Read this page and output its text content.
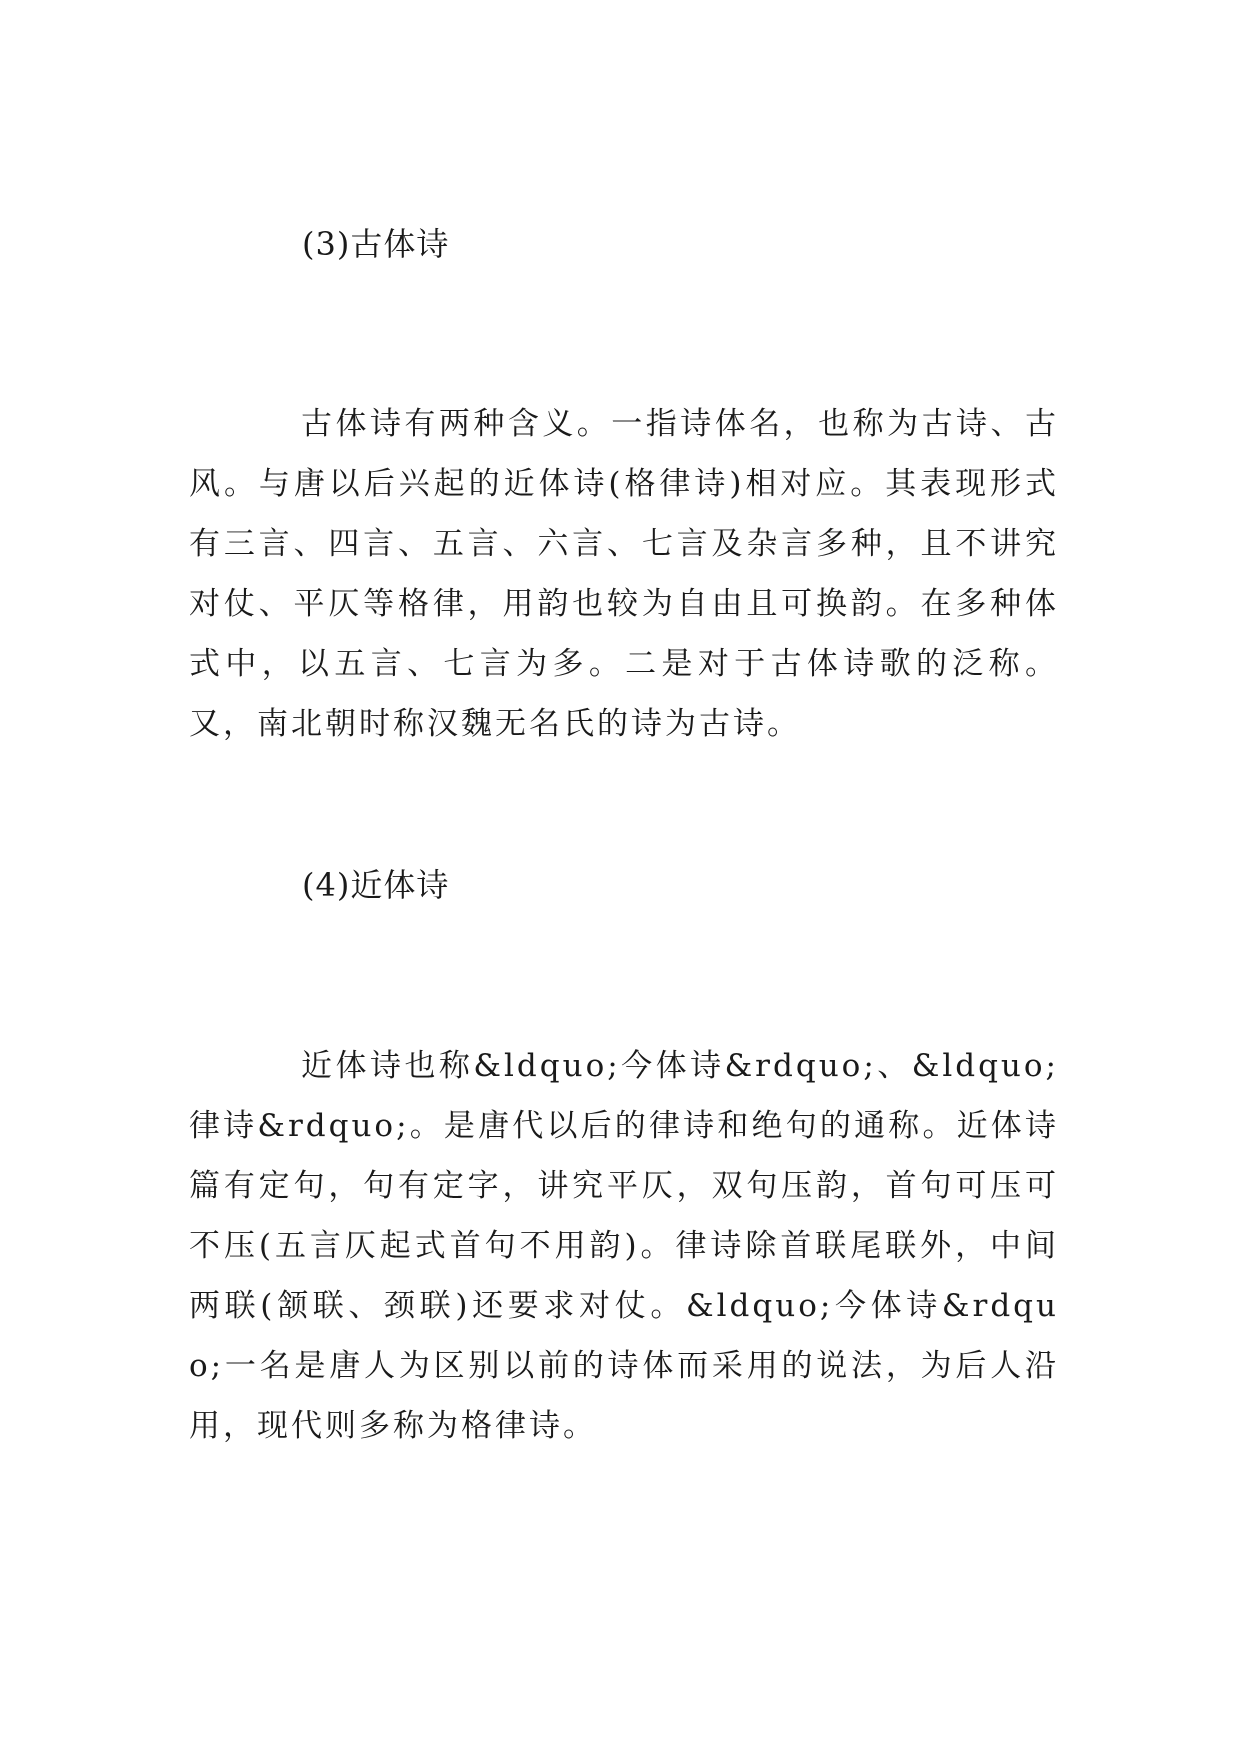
(3)古体诗
古体诗有两种含义。一指诗体名，也称为古诗、古风。与唐以后兴起的近体诗(格律诗)相对应。其表现形式有三言、四言、五言、六言、七言及杂言多种，且不讲究对仗、平仄等格律，用韵也较为自由且可换韵。在多种体式中，以五言、七言为多。二是对于古体诗歌的泛称。又，南北朝时称汉魏无名氏的诗为古诗。
(4)近体诗
近体诗也称&ldquo;今体诗&rdquo;、&ldquo;律诗&rdquo;。是唐代以后的律诗和绝句的通称。近体诗篇有定句，句有定字，讲究平仄，双句压韵，首句可压可不压(五言仄起式首句不用韵)。律诗除首联尾联外，中间两联(颔联、颈联)还要求对仗。&ldquo;今体诗&rdquo;一名是唐人为区别以前的诗体而采用的说法，为后人沿用，现代则多称为格律诗。
